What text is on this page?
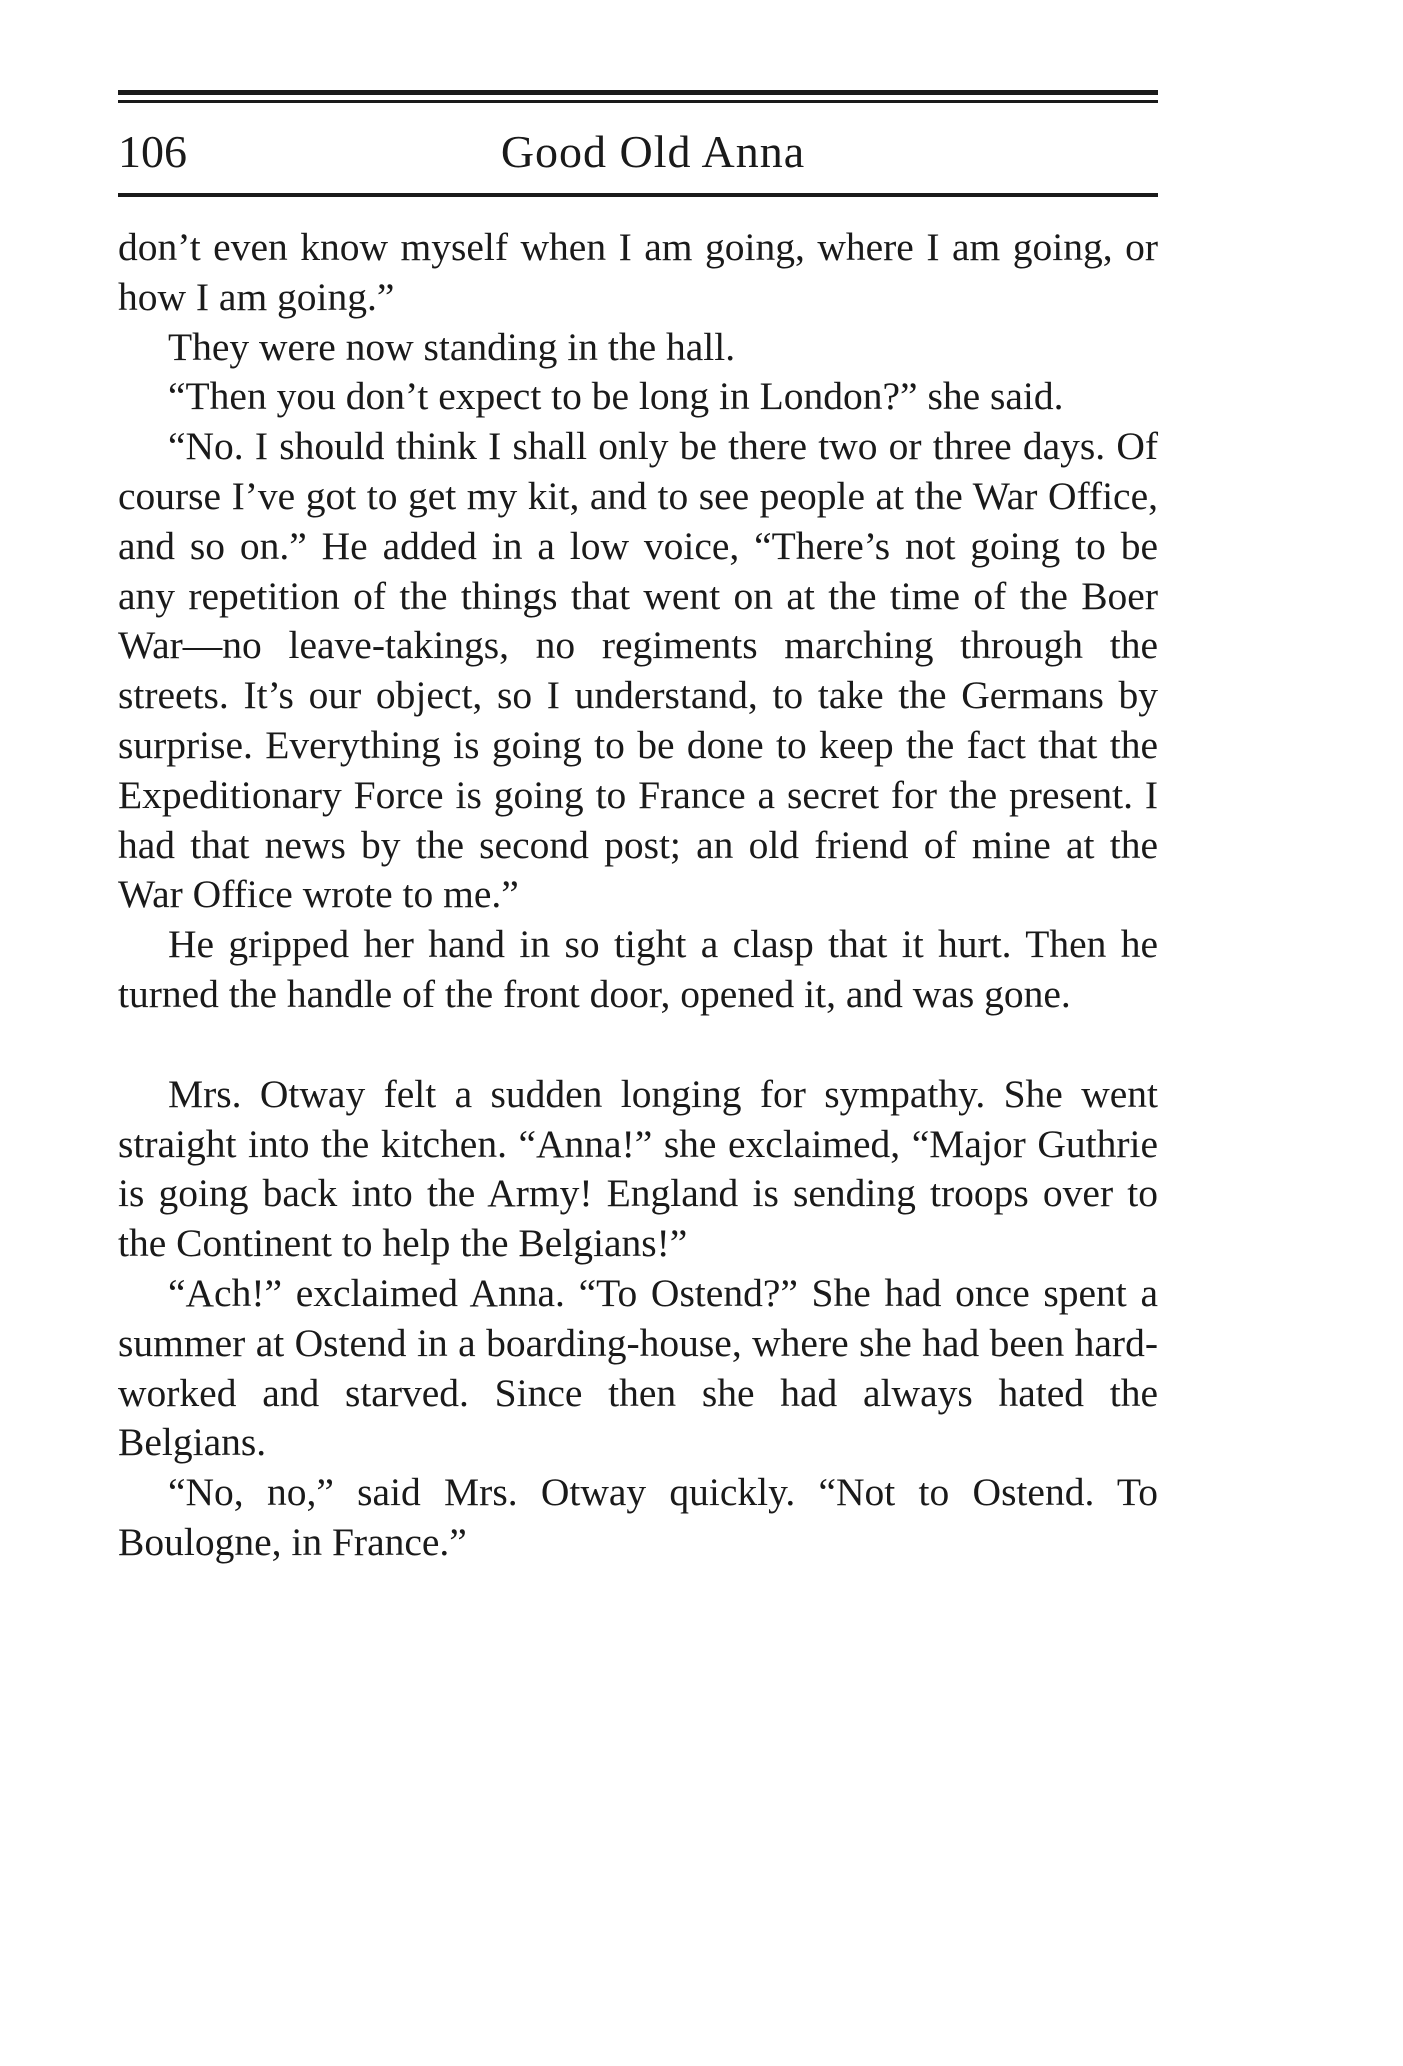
106	Good Old Anna

don’t even know myself when I am going, where I am going, or how I am going.”

They were now standing in the hall.

“Then you don’t expect to be long in London?” she said.

“No. I should think I shall only be there two or three days. Of course I’ve got to get my kit, and to see people at the War Office, and so on.” He added in a low voice, “There’s not going to be any repetition of the things that went on at the time of the Boer War—no leave-takings, no regiments marching through the streets. It’s our object, so I understand, to take the Germans by surprise. Everything is going to be done to keep the fact that the Expeditionary Force is going to France a secret for the present. I had that news by the second post; an old friend of mine at the War Office wrote to me.”

He gripped her hand in so tight a clasp that it hurt. Then he turned the handle of the front door, opened it, and was gone.

Mrs. Otway felt a sudden longing for sympathy. She went straight into the kitchen. “Anna!” she exclaimed, “Major Guthrie is going back into the Army! England is sending troops over to the Continent to help the Belgians!”

“Ach!” exclaimed Anna. “To Ostend?” She had once spent a summer at Ostend in a boarding-house, where she had been hard-worked and starved. Since then she had always hated the Belgians.

“No, no,” said Mrs. Otway quickly. “Not to Ostend. To Boulogne, in France.”
